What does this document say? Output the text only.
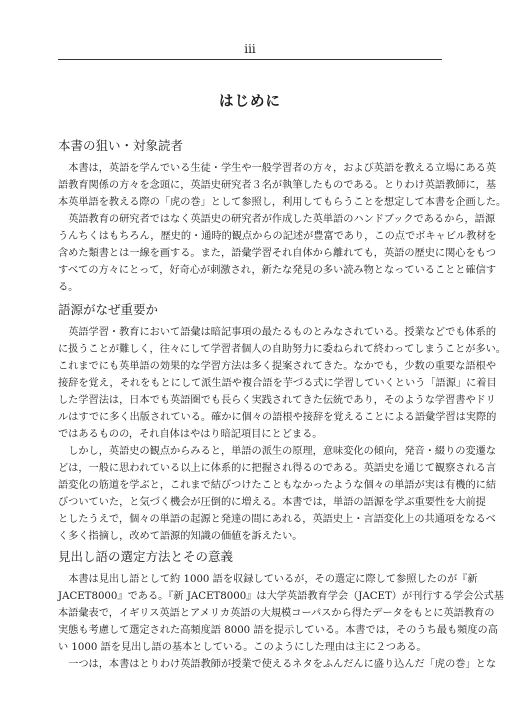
iii
はじめに
本書の狙い・対象読者
本書は，英語を学んでいる生徒・学生や一般学習者の方々，および英語を教える立場にある英
語教育関係の方々を念頭に，英語史研究者３名が執筆したものである。とりわけ英語教師に，基
本英単語を教える際の「虎の巻」として参照し，利用してもらうことを想定して本書を企画した。
英語教育の研究者ではなく英語史の研究者が作成した英単語のハンドブックであるから，語源
うんちくはもちろん，歴史的・通時的観点からの記述が豊富であり，この点でボキャビル教材を
含めた類書とは一線を画する。また，語彙学習それ自体から離れても，英語の歴史に関心をもつ
すべての方々にとって，好奇心が刺激され，新たな発見の多い読み物となっていることと確信す
る。
語源がなぜ重要か
英語学習・教育において語彙は暗記事項の最たるものとみなされている。授業などでも体系的
に扱うことが難しく，往々にして学習者個人の自助努力に委ねられて終わってしまうことが多い。
これまでにも英単語の効果的な学習方法は多く提案されてきた。なかでも，少数の重要な語根や
接辞を覚え，それをもとにして派生語や複合語を芋づる式に学習していくという「語源」に着目
した学習法は，日本でも英語圏でも長らく実践されてきた伝統であり，そのような学習書やドリ
ルはすでに多く出版されている。確かに個々の語根や接辞を覚えることによる語彙学習は実際的
ではあるものの，それ自体はやはり暗記項目にとどまる。
しかし，英語史の観点からみると，単語の派生の原理，意味変化の傾向，発音・綴りの変遷な
どは，一般に思われている以上に体系的に把握され得るのである。英語史を通じて観察される言
語変化の筋道を学ぶと，これまで結びつけたこともなかったような個々の単語が実は有機的に結
びついていた，と気づく機会が圧倒的に増える。本書では，単語の語源を学ぶ重要性を大前提
としたうえで，個々の単語の起源と発達の間にあれる，英語史上・言語変化上の共通項をなるべ
く多く指摘し，改めて語源的知識の価値を訴えたい。
見出し語の選定方法とその意義
本書は見出し語として約 1000 語を収録しているが，その選定に際して参照したのが『新
JACET8000』である。『新 JACET8000』は大学英語教育学会（JACET）が刊行する学会公式基
本語彙表で，イギリス英語とアメリカ英語の大規模コーパスから得たデータをもとに英語教育の
実態も考慮して選定された高頻度語 8000 語を提示している。本書では，そのうち最も頻度の高
い 1000 語を見出し語の基本としている。このようにした理由は主に２つある。
一つは，本書はとりわけ英語教師が授業で使えるネタをふんだんに盛り込んだ「虎の巻」とな
